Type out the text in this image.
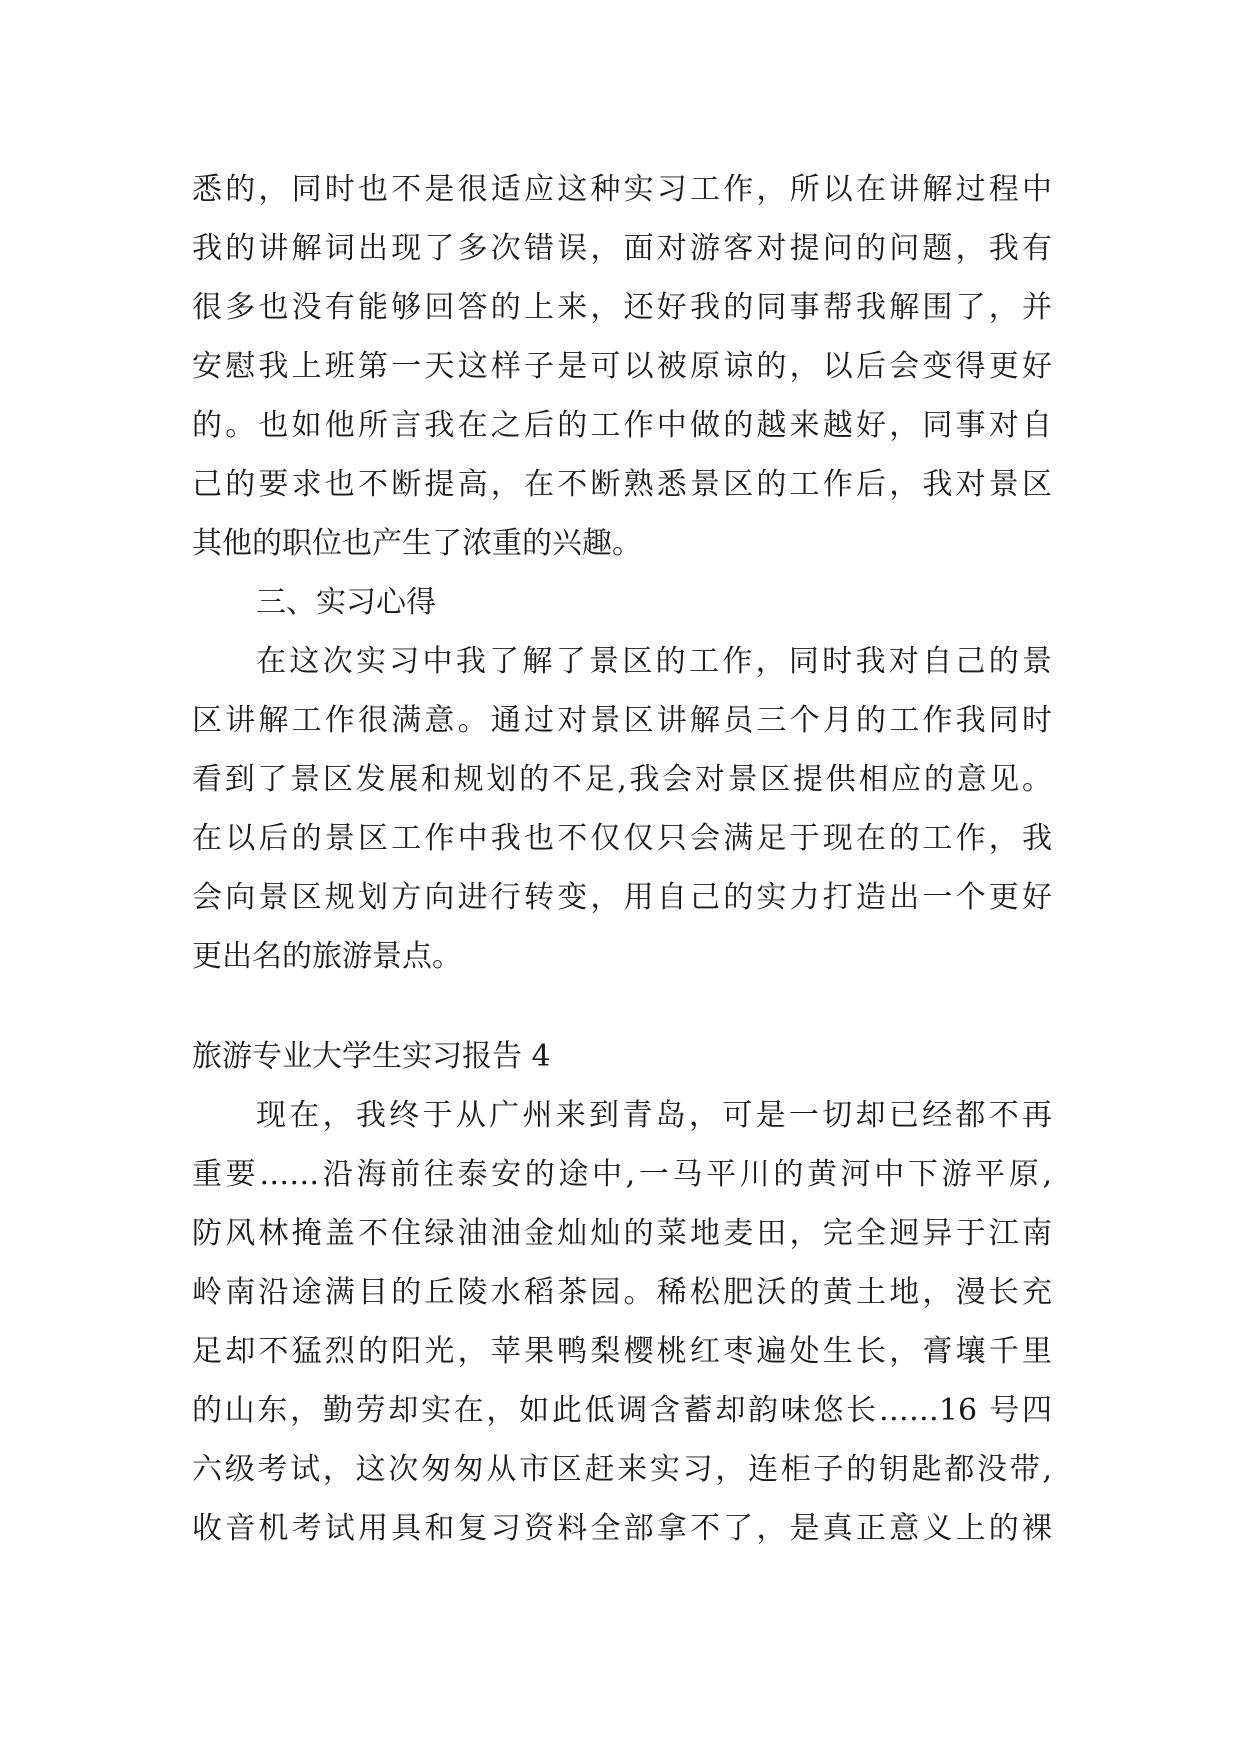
悉的，同时也不是很适应这种实习工作，所以在讲解过程中
我的讲解词出现了多次错误，面对游客对提问的问题，我有
很多也没有能够回答的上来，还好我的同事帮我解围了，并
安慰我上班第一天这样子是可以被原谅的，以后会变得更好
的。也如他所言我在之后的工作中做的越来越好，同事对自
己的要求也不断提高，在不断熟悉景区的工作后，我对景区
其他的职位也产生了浓重的兴趣。
三、实习心得
在这次实习中我了解了景区的工作，同时我对自己的景
区讲解工作很满意。通过对景区讲解员三个月的工作我同时
看到了景区发展和规划的不足,我会对景区提供相应的意见。
在以后的景区工作中我也不仅仅只会满足于现在的工作，我
会向景区规划方向进行转变，用自己的实力打造出一个更好
更出名的旅游景点。
旅游专业大学生实习报告 4
现在，我终于从广州来到青岛，可是一切却已经都不再
重要……沿海前往泰安的途中,一马平川的黄河中下游平原,
防风林掩盖不住绿油油金灿灿的菜地麦田，完全迥异于江南
岭南沿途满目的丘陵水稻茶园。稀松肥沃的黄土地，漫长充
足却不猛烈的阳光，苹果鸭梨樱桃红枣遍处生长，膏壤千里
的山东，勤劳却实在，如此低调含蓄却韵味悠长……16 号四
六级考试，这次匆匆从市区赶来实习，连柜子的钥匙都没带,
收音机考试用具和复习资料全部拿不了，是真正意义上的裸
